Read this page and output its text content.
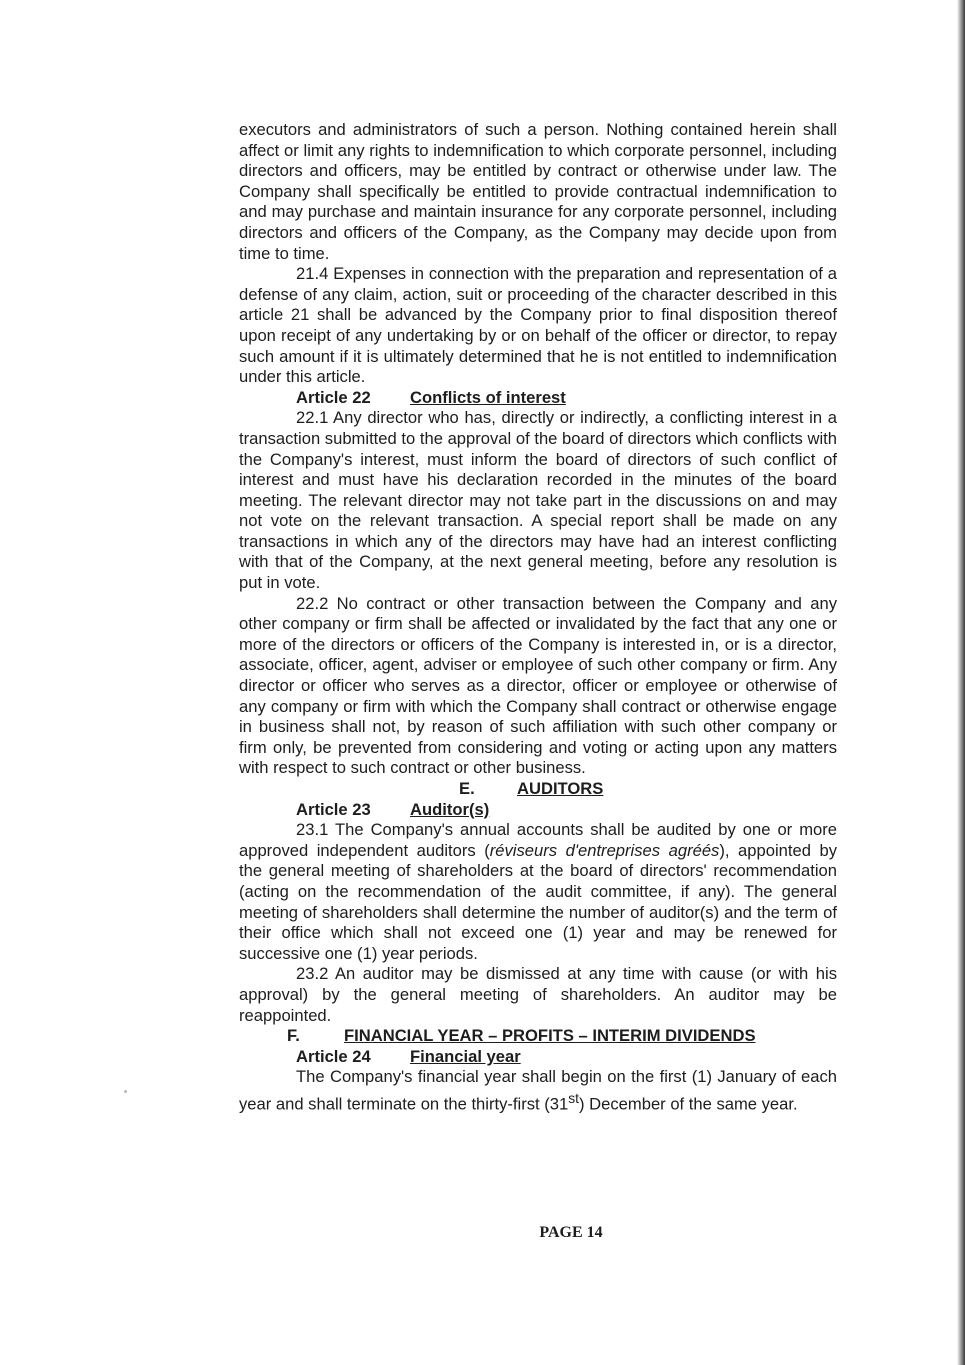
executors and administrators of such a person. Nothing contained herein shall affect or limit any rights to indemnification to which corporate personnel, including directors and officers, may be entitled by contract or otherwise under law. The Company shall specifically be entitled to provide contractual indemnification to and may purchase and maintain insurance for any corporate personnel, including directors and officers of the Company, as the Company may decide upon from time to time.

21.4 Expenses in connection with the preparation and representation of a defense of any claim, action, suit or proceeding of the character described in this article 21 shall be advanced by the Company prior to final disposition thereof upon receipt of any undertaking by or on behalf of the officer or director, to repay such amount if it is ultimately determined that he is not entitled to indemnification under this article.

Article 22 Conflicts of interest

22.1 Any director who has, directly or indirectly, a conflicting interest in a transaction submitted to the approval of the board of directors which conflicts with the Company's interest, must inform the board of directors of such conflict of interest and must have his declaration recorded in the minutes of the board meeting. The relevant director may not take part in the discussions on and may not vote on the relevant transaction. A special report shall be made on any transactions in which any of the directors may have had an interest conflicting with that of the Company, at the next general meeting, before any resolution is put in vote.

22.2 No contract or other transaction between the Company and any other company or firm shall be affected or invalidated by the fact that any one or more of the directors or officers of the Company is interested in, or is a director, associate, officer, agent, adviser or employee of such other company or firm. Any director or officer who serves as a director, officer or employee or otherwise of any company or firm with which the Company shall contract or otherwise engage in business shall not, by reason of such affiliation with such other company or firm only, be prevented from considering and voting or acting upon any matters with respect to such contract or other business.

E.	AUDITORS
Article 23 Auditor(s)

23.1 The Company's annual accounts shall be audited by one or more approved independent auditors (réviseurs d'entreprises agréés), appointed by the general meeting of shareholders at the board of directors' recommendation (acting on the recommendation of the audit committee, if any). The general meeting of shareholders shall determine the number of auditor(s) and the term of their office which shall not exceed one (1) year and may be renewed for successive one (1) year periods.

23.2 An auditor may be dismissed at any time with cause (or with his approval) by the general meeting of shareholders. An auditor may be reappointed.

F.	FINANCIAL YEAR – PROFITS – INTERIM DIVIDENDS
Article 24 Financial year

The Company's financial year shall begin on the first (1) January of each year and shall terminate on the thirty-first (31st) December of the same year.

PAGE 14
